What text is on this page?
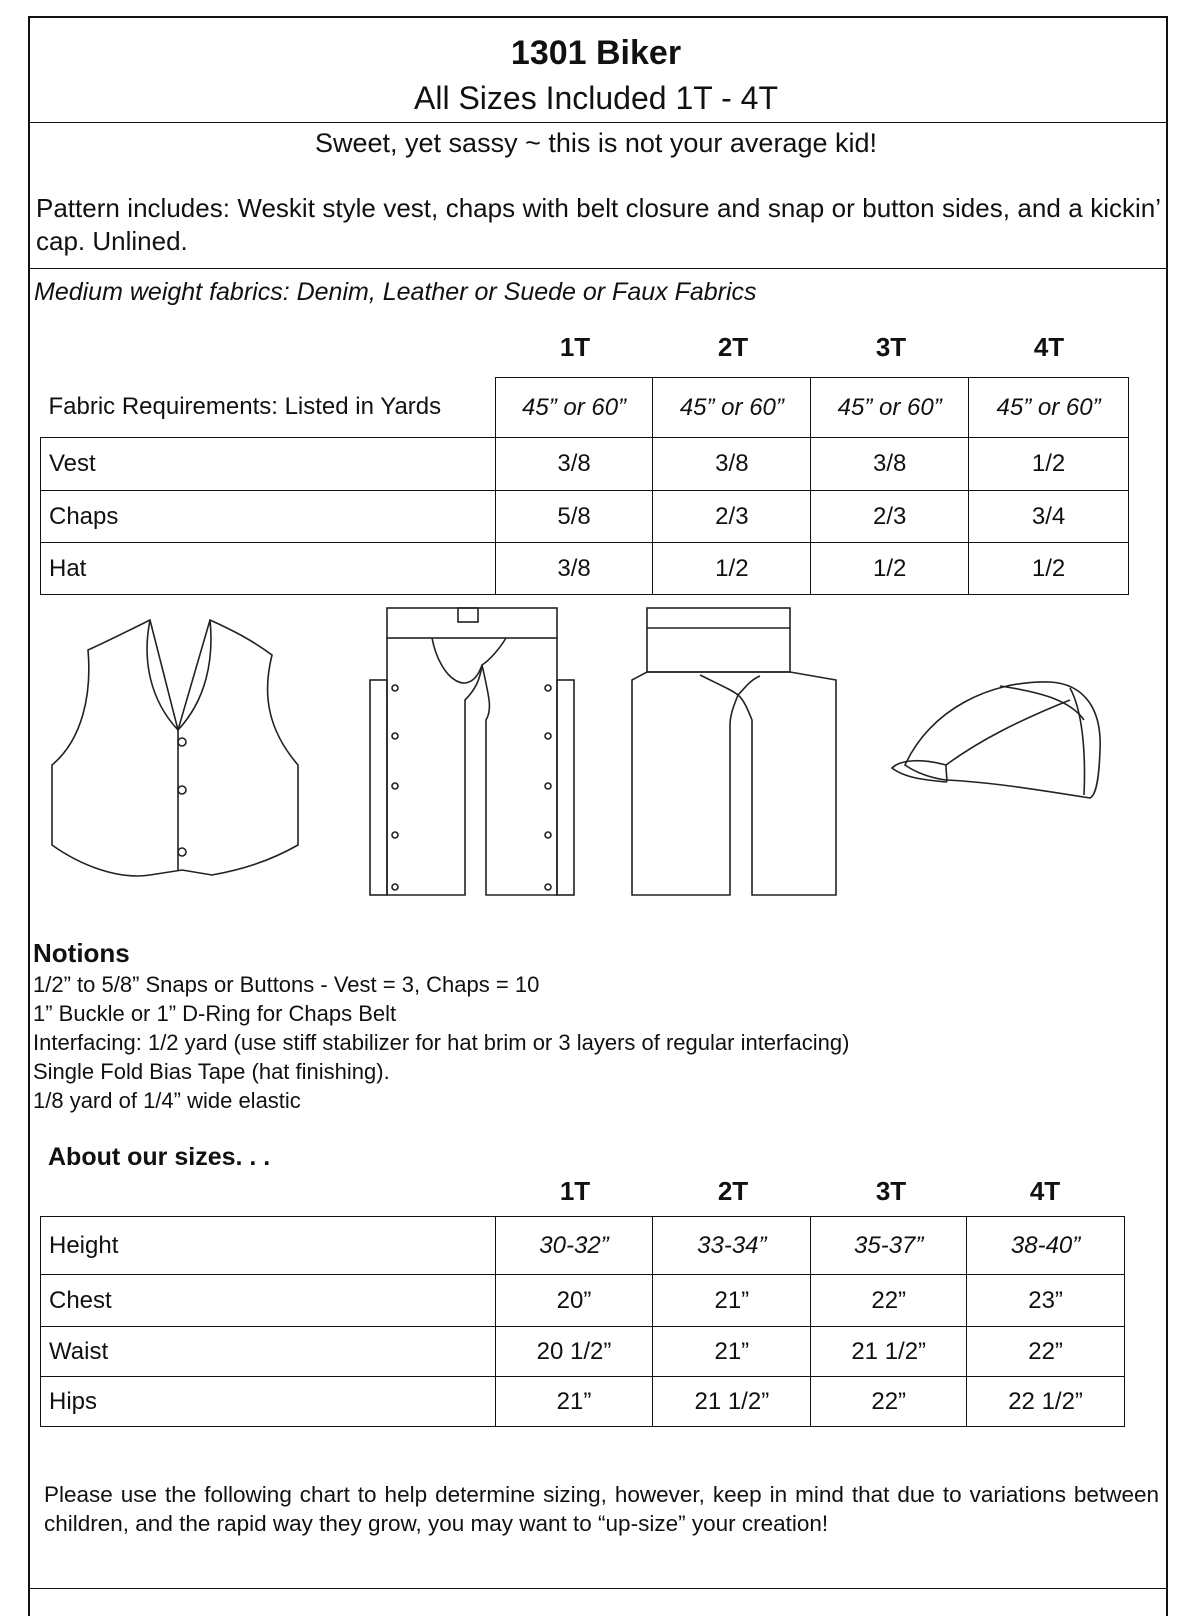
1301 Biker
All Sizes Included 1T - 4T
Sweet, yet sassy ~ this is not your average kid!
Pattern includes: Weskit style vest, chaps with belt closure and snap or button sides, and a kickin’ cap. Unlined.
Medium weight fabrics: Denim, Leather or Suede or Faux Fabrics
1T	2T	3T	4T
Fabric Requirements: Listed in Yards	45” or 60”	45” or 60”	45” or 60”	45” or 60”
Vest	3/8	3/8	3/8	1/2
Chaps	5/8	2/3	2/3	3/4
Hat	3/8	1/2	1/2	1/2
Notions
1/2” to 5/8” Snaps or Buttons - Vest = 3, Chaps = 10
1” Buckle or 1” D-Ring for Chaps Belt
Interfacing: 1/2 yard (use stiff stabilizer for hat brim or 3 layers of regular interfacing)
Single Fold Bias Tape (hat finishing).
1/8 yard of 1/4” wide elastic
About our sizes. . .
1T	2T	3T	4T
Height	30-32”	33-34”	35-37”	38-40”
Chest	20”	21”	22”	23”
Waist	20 1/2”	21”	21 1/2”	22”
Hips	21”	21 1/2”	22”	22 1/2”
Please use the following chart to help determine sizing, however, keep in mind that due to variations between children, and the rapid way they grow, you may want to “up-size” your creation!
